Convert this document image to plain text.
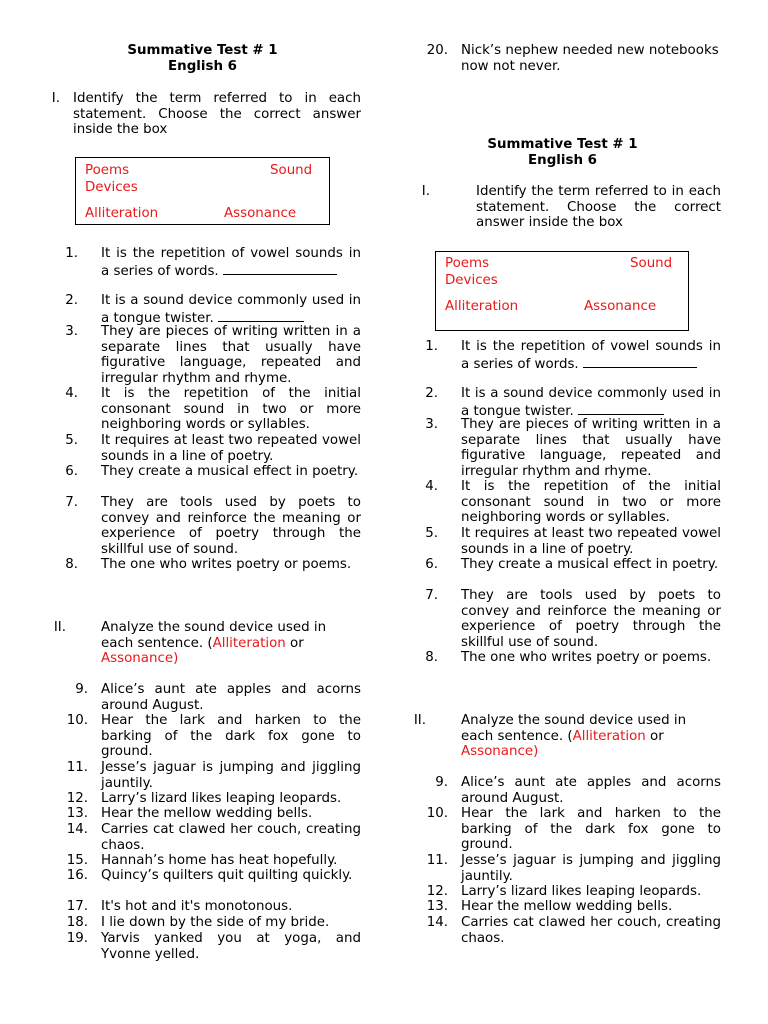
Summative Test # 1
English 6
I. Identify the term referred to in each statement. Choose the correct answer inside the box
Poems	Sound
Devices
Alliteration	Assonance
1. It is the repetition of vowel sounds in a series of words.
2. It is a sound device commonly used in a tongue twister.
3. They are pieces of writing written in a separate lines that usually have figurative language, repeated and irregular rhythm and rhyme.
4. It is the repetition of the initial consonant sound in two or more neighboring words or syllables.
5. It requires at least two repeated vowel sounds in a line of poetry.
6. They create a musical effect in poetry.
7. They are tools used by poets to convey and reinforce the meaning or experience of poetry through the skillful use of sound.
8. The one who writes poetry or poems.
II.	Analyze the sound device used in each sentence. (Alliteration or Assonance)
9. Alice’s aunt ate apples and acorns around August.
10. Hear the lark and harken to the barking of the dark fox gone to ground.
11. Jesse’s jaguar is jumping and jiggling jauntily.
12. Larry’s lizard likes leaping leopards.
13. Hear the mellow wedding bells.
14. Carries cat clawed her couch, creating chaos.
15. Hannah’s home has heat hopefully.
16. Quincy’s quilters quit quilting quickly.
17. It's hot and it's monotonous.
18. I lie down by the side of my bride.
19. Yarvis yanked you at yoga, and Yvonne yelled.
20. Nick’s nephew needed new notebooks now not never.
Summative Test # 1
English 6
I.	Identify the term referred to in each statement. Choose the correct answer inside the box
Poems	Sound
Devices
Alliteration	Assonance
1. It is the repetition of vowel sounds in a series of words.
2. It is a sound device commonly used in a tongue twister.
3. They are pieces of writing written in a separate lines that usually have figurative language, repeated and irregular rhythm and rhyme.
4. It is the repetition of the initial consonant sound in two or more neighboring words or syllables.
5. It requires at least two repeated vowel sounds in a line of poetry.
6. They create a musical effect in poetry.
7. They are tools used by poets to convey and reinforce the meaning or experience of poetry through the skillful use of sound.
8. The one who writes poetry or poems.
II.	Analyze the sound device used in each sentence. (Alliteration or Assonance)
9. Alice’s aunt ate apples and acorns around August.
10. Hear the lark and harken to the barking of the dark fox gone to ground.
11. Jesse’s jaguar is jumping and jiggling jauntily.
12. Larry’s lizard likes leaping leopards.
13. Hear the mellow wedding bells.
14. Carries cat clawed her couch, creating chaos.
